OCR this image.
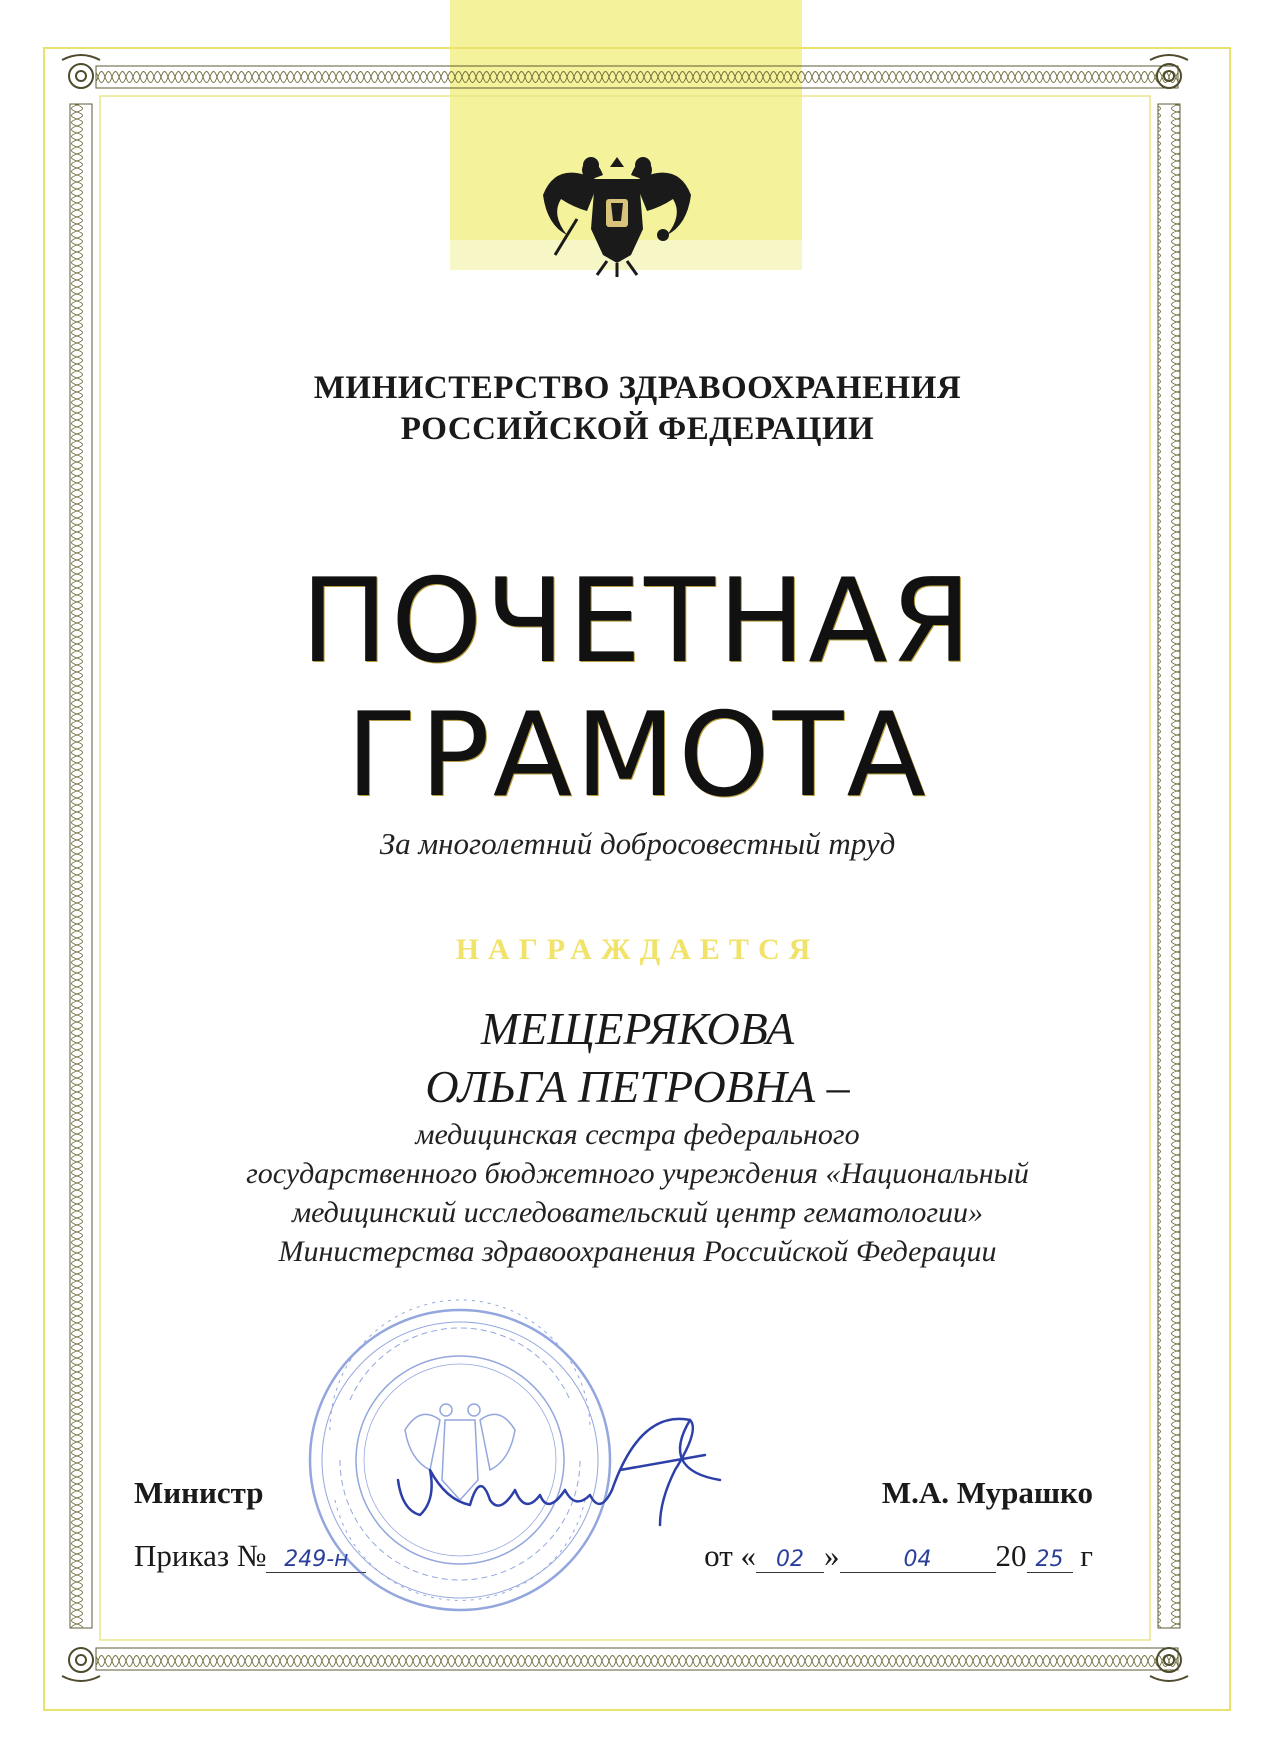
МИНИСТЕРСТВО ЗДРАВООХРАНЕНИЯ
РОССИЙСКОЙ ФЕДЕРАЦИИ
ПОЧЕТНАЯ
ГРАМОТА
За многолетний добросовестный труд
НАГРАЖДАЕТСЯ
МЕЩЕРЯКОВА
ОЛЬГА ПЕТРОВНА –
медицинская сестра федерального
государственного бюджетного учреждения «Национальный
медицинский исследовательский центр гематологии»
Министерства здравоохранения Российской Федерации
Министр	М.А. Мурашко
Приказ № 249-н	от « 02 »	04 20 25 г
